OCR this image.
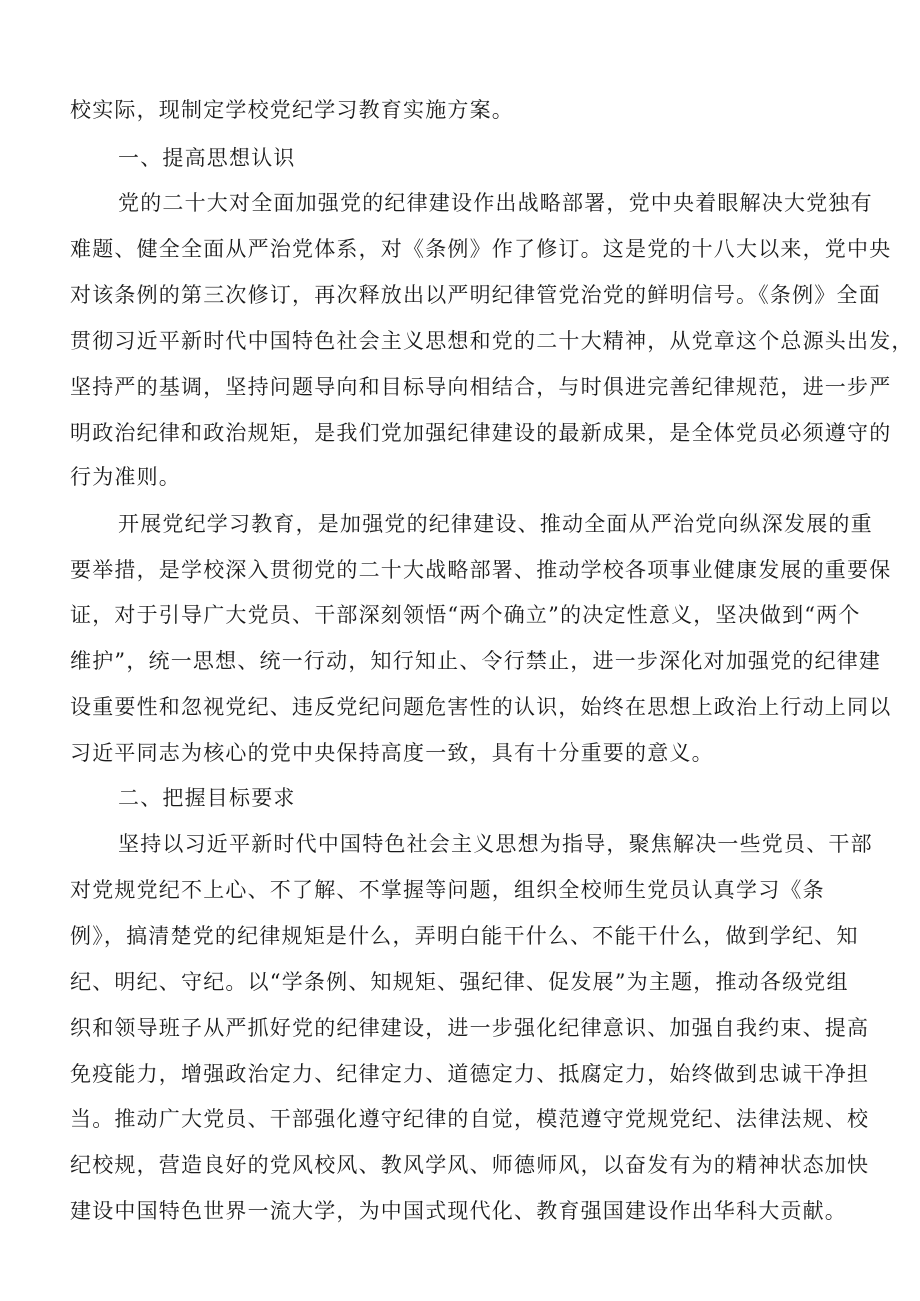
校实际，现制定学校党纪学习教育实施方案。
一、提高思想认识
党的二十大对全面加强党的纪律建设作出战略部署，党中央着眼解决大党独有
难题、健全全面从严治党体系，对《条例》作了修订。这是党的十八大以来，党中央
对该条例的第三次修订，再次释放出以严明纪律管党治党的鲜明信号。《条例》全面
贯彻习近平新时代中国特色社会主义思想和党的二十大精神，从党章这个总源头出发，
坚持严的基调，坚持问题导向和目标导向相结合，与时俱进完善纪律规范，进一步严
明政治纪律和政治规矩，是我们党加强纪律建设的最新成果，是全体党员必须遵守的
行为准则。
开展党纪学习教育，是加强党的纪律建设、推动全面从严治党向纵深发展的重
要举措，是学校深入贯彻党的二十大战略部署、推动学校各项事业健康发展的重要保
证，对于引导广大党员、干部深刻领悟“两个确立”的决定性意义，坚决做到“两个
维护”，统一思想、统一行动，知行知止、令行禁止，进一步深化对加强党的纪律建
设重要性和忽视党纪、违反党纪问题危害性的认识，始终在思想上政治上行动上同以
习近平同志为核心的党中央保持高度一致，具有十分重要的意义。
二、把握目标要求
坚持以习近平新时代中国特色社会主义思想为指导，聚焦解决一些党员、干部
对党规党纪不上心、不了解、不掌握等问题，组织全校师生党员认真学习《条
例》，搞清楚党的纪律规矩是什么，弄明白能干什么、不能干什么，做到学纪、知
纪、明纪、守纪。以“学条例、知规矩、强纪律、促发展”为主题，推动各级党组
织和领导班子从严抓好党的纪律建设，进一步强化纪律意识、加强自我约束、提高
免疫能力，增强政治定力、纪律定力、道德定力、抵腐定力，始终做到忠诚干净担
当。推动广大党员、干部强化遵守纪律的自觉，模范遵守党规党纪、法律法规、校
纪校规，营造良好的党风校风、教风学风、师德师风，以奋发有为的精神状态加快
建设中国特色世界一流大学，为中国式现代化、教育强国建设作出华科大贡献。
